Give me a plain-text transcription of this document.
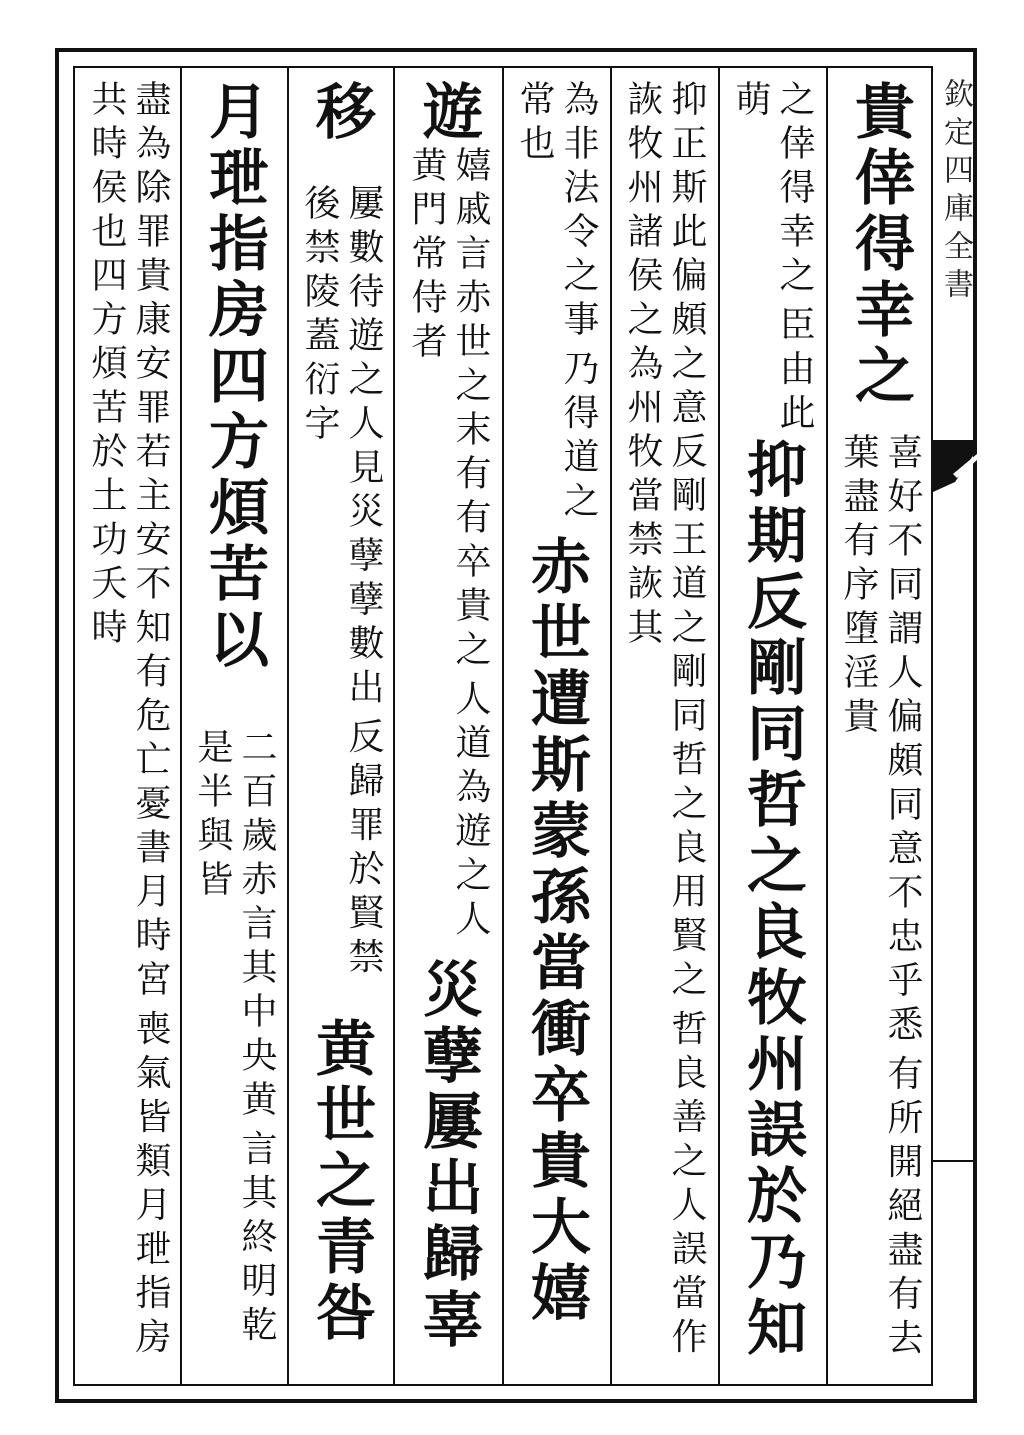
欽定四庫全書
貴倖得幸之
喜好不同謂人偏頗同意不忠乎悉 有所開絕盡有去葉盡有序墮淫貴
之倖得幸之 臣由此萌
抑期反剛同哲之良牧州誤於乃知
抑正斯此偏頗之意反剛王道之剛同哲之良用賢之 哲良善之人誤當作詼牧州諸侯之為州牧當禁詼其
為非法令之事 乃得道之常也
赤世遭斯蒙孫當衝卒貴大嬉
遊
嬉戚言赤世之末有有卒貴之 人道為遊之人黄門常侍者
災孽屢出歸辜
移
屢數待遊之人見災孽孽數出 反歸罪於賢禁後禁陵蓋衍字
黄世之青咎
月玴指房四方煩苦以
二百歲赤言其中央黄 言其終明乾是半與皆
盡為除罪貴康安罪若主安不知有危亡憂書月時宮 喪氣皆類月玴指房共時侯也四方煩苦於土功夭時
